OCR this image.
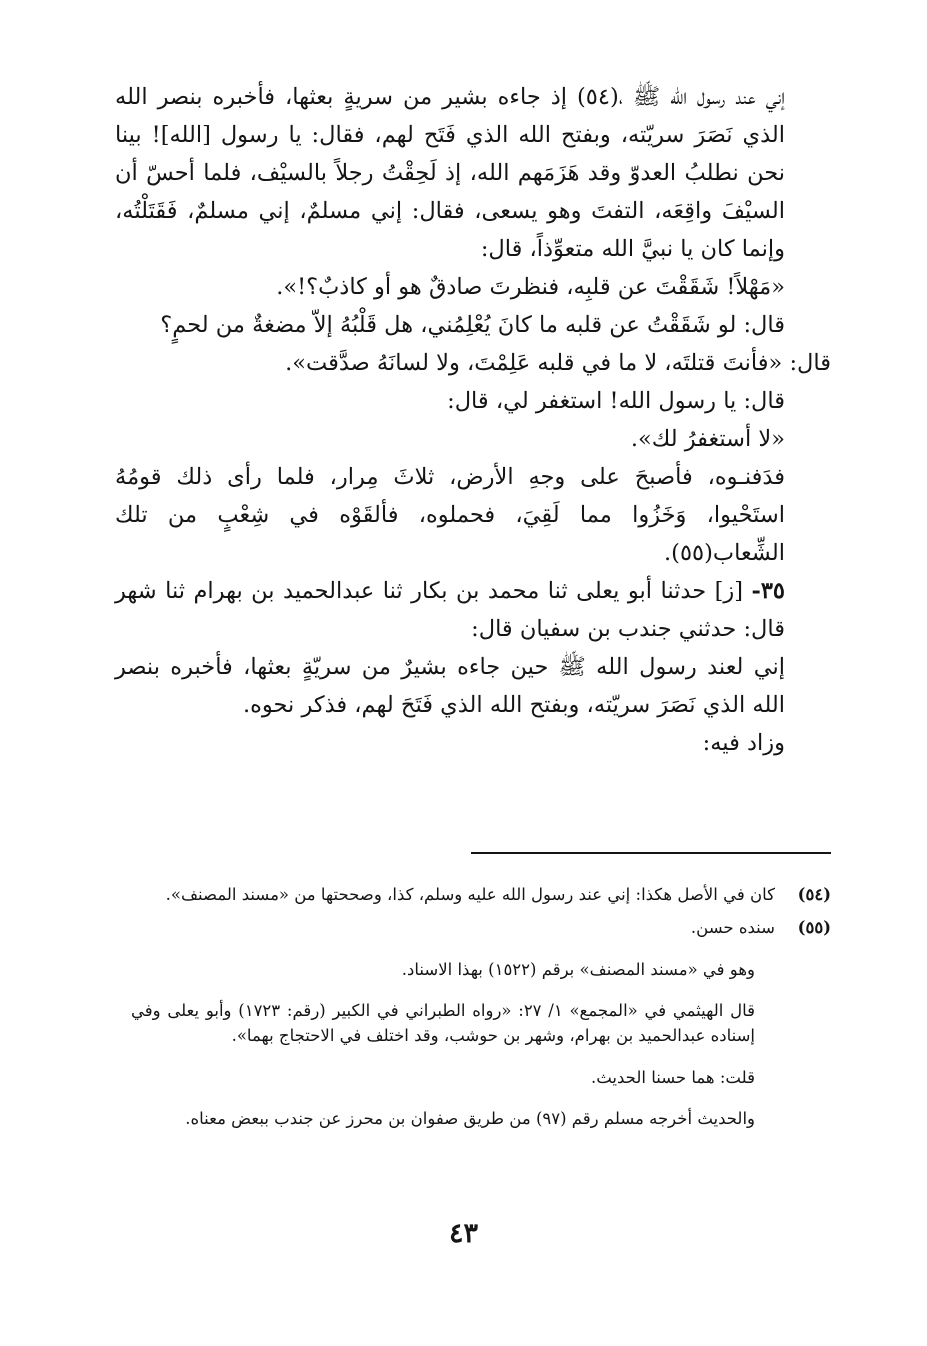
إني عند رسول الله ﷺ ،(٥٤) إذ جاءه بشير من سريةٍ بعثها، فأخبره بنصر الله الذي نَصَرَ سريّته، وبفتح الله الذي فَتَح لهم، فقال: يا رسول [الله]! بينا نحن نطلبُ العدوّ وقد هَزَمَهم الله، إذ لَحِقْتُ رجلاً بالسيْف، فلما أحسّ أن السيْفَ واقِعَه، التفتَ وهو يسعى، فقال: إني مسلمٌ، إني مسلمٌ، فَقَتَلْتُه، وإنما كان يا نبيَّ الله متعوِّذاً، قال:

«مَهْلاً! شَقَقْتَ عن قلبِه، فنظرتَ صادقٌ هو أو كاذبٌ؟!».

قال: لو شَقَقْتُ عن قلبه ما كانَ يُعْلِمُني، هل قَلْبُهُ إلاّ مضغةٌ من لحمٍ؟

قال: «فأنتَ قتلتَه، لا ما في قلبه عَلِمْتَ، ولا لسانَهُ صدَّقت».

قال: يا رسول الله! استغفر لي، قال:

«لا أستغفرُ لك».

فدَفنـوه، فأصبحَ على وجهِ الأرض، ثلاثَ مِرار، فلما رأى ذلك قومُهُ استَحْيوا، وَخَزُوا مما لَقِيَ، فحملوه، فألقَوْه في شِعْبٍ من تلك الشِّعاب(٥٥).

٣٥- [ز] حدثنا أبو يعلى ثنا محمد بن بكار ثنا عبدالحميد بن بهرام ثنا شهر قال: حدثني جندب بن سفيان قال:

إني لعند رسول الله ﷺ حين جاءه بشيرٌ من سريّةٍ بعثها، فأخبره بنصر الله الذي نَصَرَ سريّته، وبفتح الله الذي فَتَحَ لهم، فذكر نحوه.

وزاد فيه:

(٥٤)

كان في الأصل هكذا: إني عند رسول الله عليه وسلم، كذا، وصححتها من «مسند المصنف».

(٥٥)

سنده حسن.

وهو في «مسند المصنف» برقم (١٥٢٢) بهذا الاسناد.

قال الهيثمي في «المجمع» ١/ ٢٧: «رواه الطبراني في الكبير (رقم: ١٧٢٣) وأبو يعلى وفي إسناده عبدالحميد بن بهرام، وشهر بن حوشب، وقد اختلف في الاحتجاج بهما».

قلت: هما حسنا الحديث.

والحديث أخرجه مسلم رقم (٩٧) من طريق صفوان بن محرز عن جندب ببعض معناه.

٤٣
